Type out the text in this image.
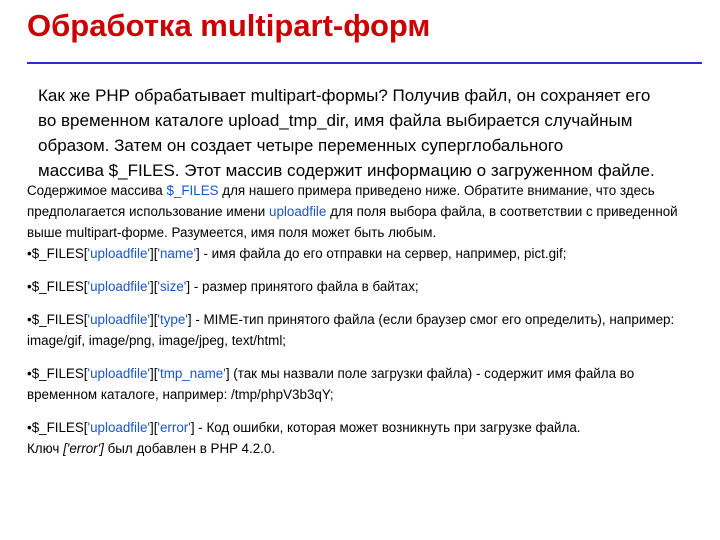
Обработка multipart-форм

Как же PHP обрабатывает multipart-формы? Получив файл, он сохраняет его

во временном каталоге upload_tmp_dir, имя файла выбирается случайным

образом. Затем он создает четыре переменных суперглобального

массива $_FILES. Этот массив содержит информацию о загруженном файле.

Содержимое массива $_FILES для нашего примера приведено ниже. Обратите внимание, что здесь предполагается использование имени uploadfile для поля выбора файла, в соответствии с приведенной выше multipart-форме. Разумеется, имя поля может быть любым.

•$_FILES['uploadfile']['name'] - имя файла до его отправки на сервер, например, pict.gif;

•$_FILES['uploadfile']['size'] - размер принятого файла в байтах;

•$_FILES['uploadfile']['type'] - MIME-тип принятого файла (если браузер смог его определить), например: image/gif, image/png, image/jpeg, text/html;

•$_FILES['uploadfile']['tmp_name'] (так мы назвали поле загрузки файла) - содержит имя файла во временном каталоге, например: /tmp/phpV3b3qY;

•$_FILES['uploadfile']['error'] - Код ошибки, которая может возникнуть при загрузке файла.
Ключ ['error'] был добавлен в PHP 4.2.0.
